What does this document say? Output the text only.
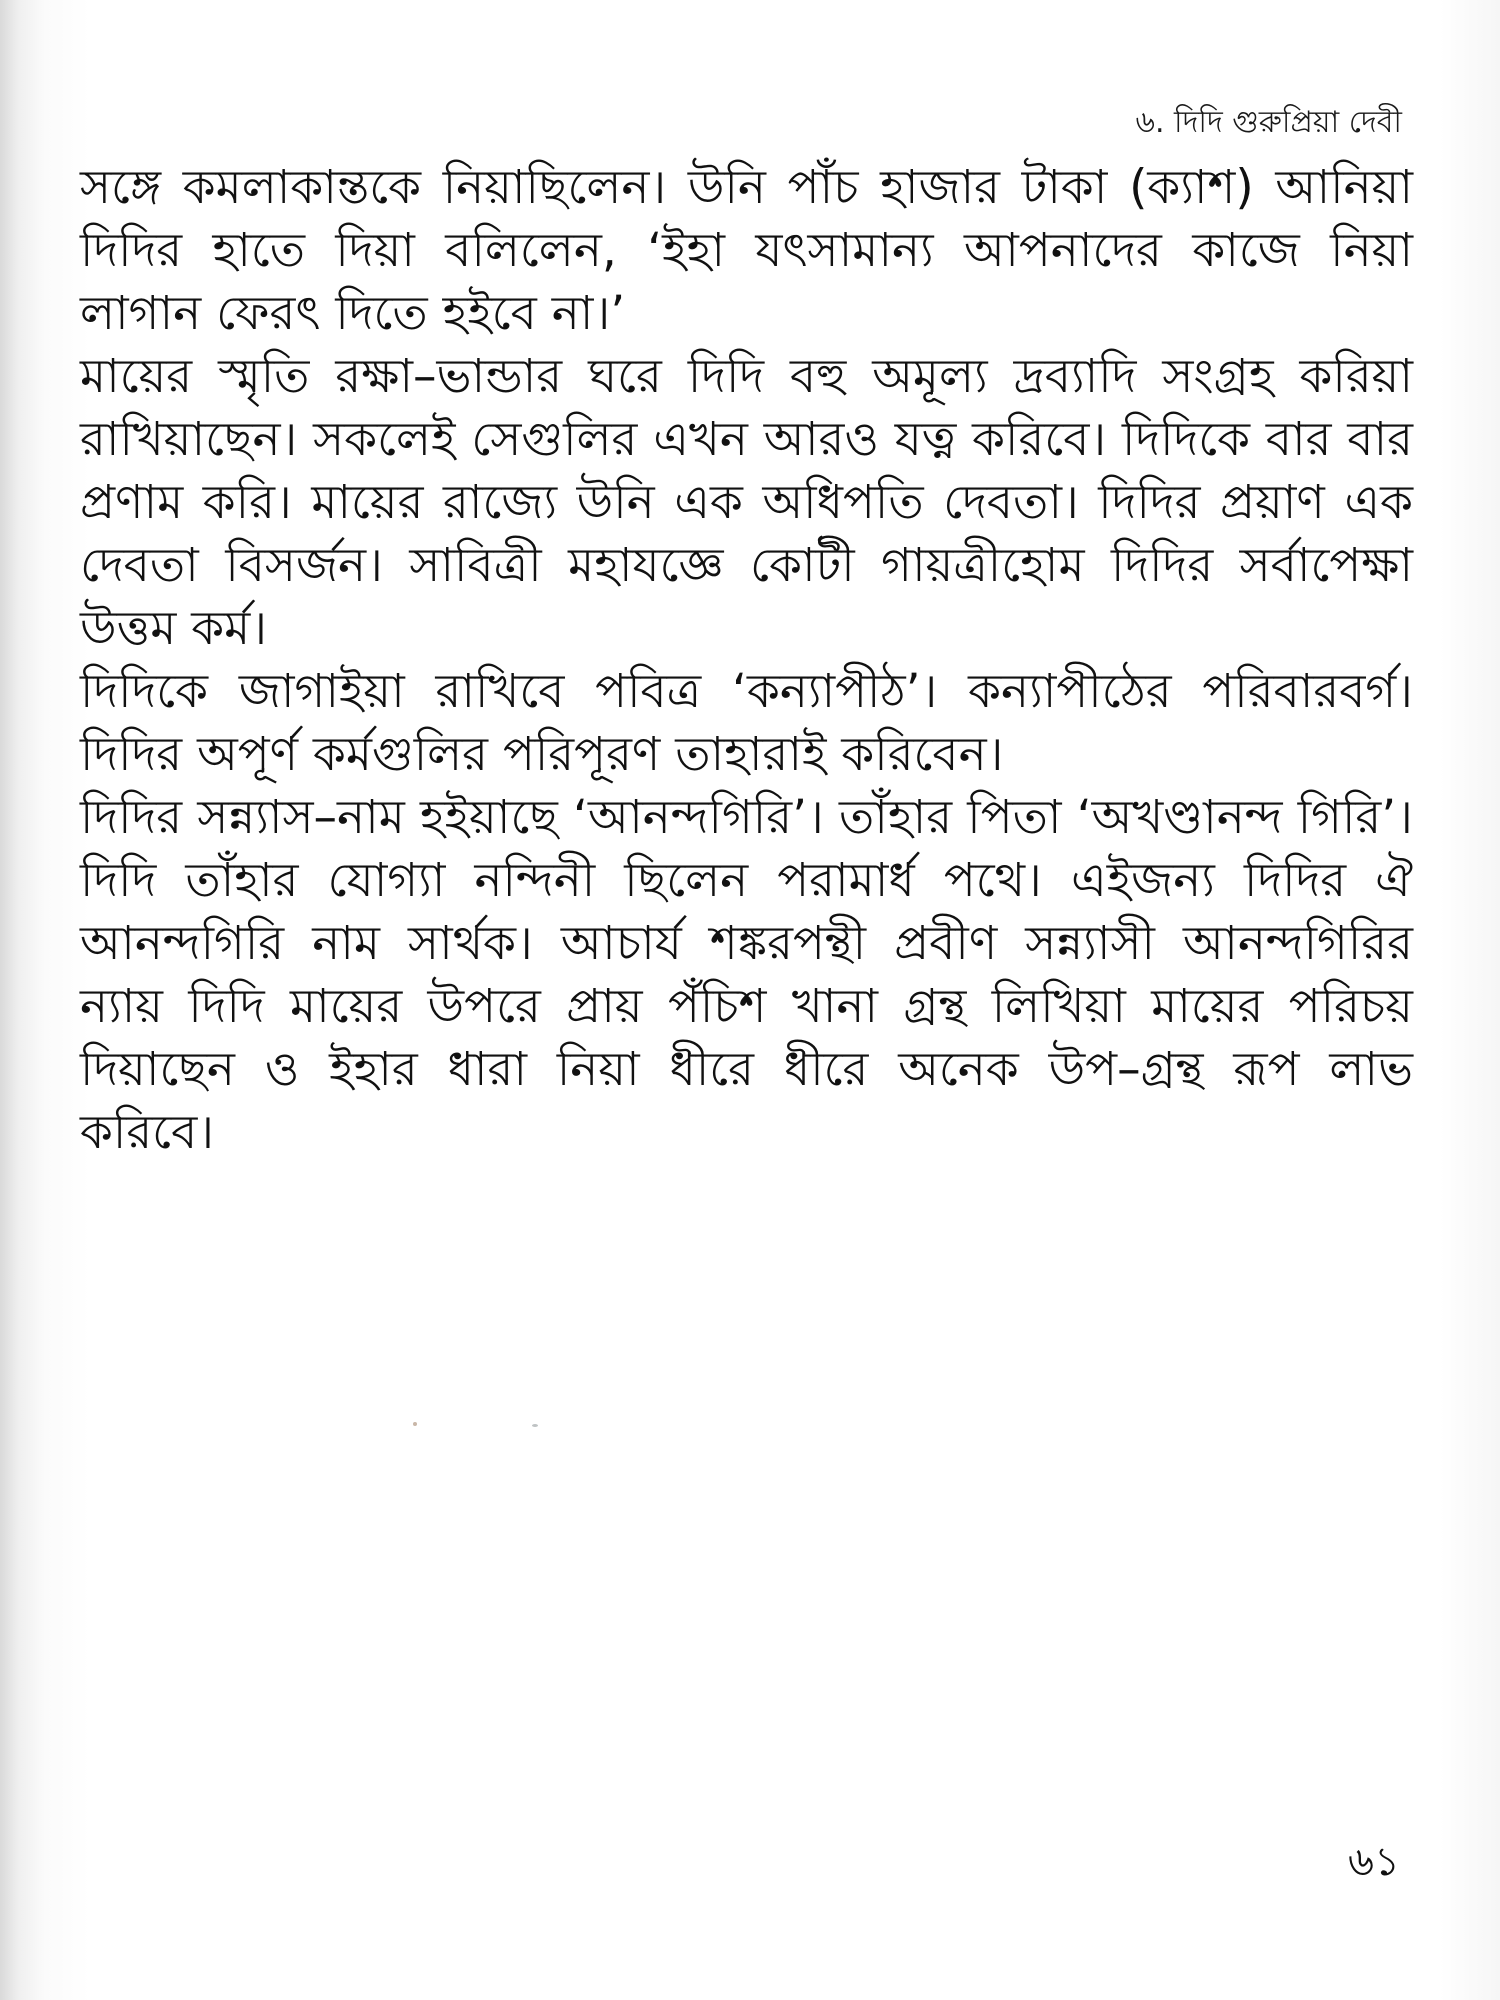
৬. দিদি গুরুপ্রিয়া দেবী

সঙ্গে কমলাকান্তকে নিয়াছিলেন। উনি পাঁচ হাজার টাকা (ক্যাশ) আনিয়া দিদির হাতে দিয়া বলিলেন, ‘ইহা যৎসামান্য আপনাদের কাজে নিয়া লাগান ফেরৎ দিতে হইবে না।’

মায়ের স্মৃতি রক্ষা–ভান্ডার ঘরে দিদি বহু অমূল্য দ্রব্যাদি সংগ্রহ করিয়া রাখিয়াছেন। সকলেই সেগুলির এখন আরও যত্ন করিবে। দিদিকে বার বার প্রণাম করি। মায়ের রাজ্যে উনি এক অধিপতি দেবতা। দিদির প্রয়াণ এক দেবতা বিসর্জন। সাবিত্রী মহাযজ্ঞে কোটী গায়ত্রীহোম দিদির সর্বাপেক্ষা উত্তম কর্ম।

দিদিকে জাগাইয়া রাখিবে পবিত্র ‘কন্যাপীঠ’। কন্যাপীঠের পরিবারবর্গ। দিদির অপূর্ণ কর্মগুলির পরিপূরণ তাহারাই করিবেন।

দিদির সন্ন্যাস–নাম হইয়াছে ‘আনন্দগিরি’। তাঁহার পিতা ‘অখণ্ডানন্দ গিরি’। দিদি তাঁহার যোগ্যা নন্দিনী ছিলেন পরামার্ধ পথে। এইজন্য দিদির ঐ আনন্দগিরি নাম সার্থক। আচার্য শঙ্করপন্থী প্রবীণ সন্ন্যাসী আনন্দগিরির ন্যায় দিদি মায়ের উপরে প্রায় পঁচিশ খানা গ্রন্থ লিখিয়া মায়ের পরিচয় দিয়াছেন ও ইহার ধারা নিয়া ধীরে ধীরে অনেক উপ–গ্রন্থ রূপ লাভ করিবে।

৬১
